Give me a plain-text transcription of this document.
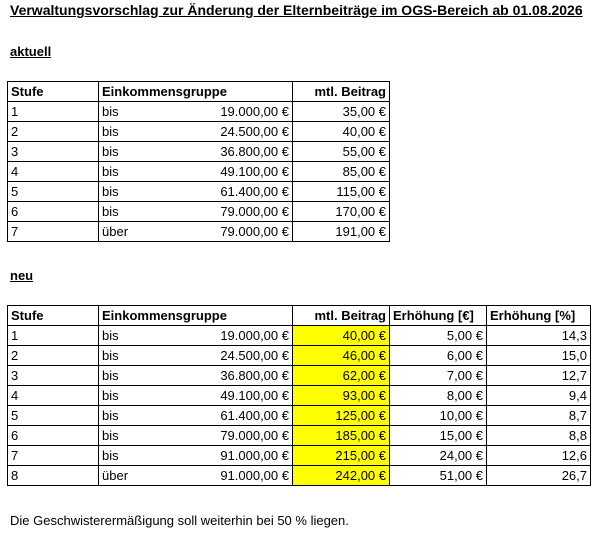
Verwaltungsvorschlag zur Änderung der Elternbeiträge im OGS-Bereich ab 01.08.2026
aktuell
Stufe	Einkommensgruppe		mtl. Beitrag
1	bis	19.000,00 €	35,00 €
2	bis	24.500,00 €	40,00 €
3	bis	36.800,00 €	55,00 €
4	bis	49.100,00 €	85,00 €
5	bis	61.400,00 €	115,00 €
6	bis	79.000,00 €	170,00 €
7	über	79.000,00 €	191,00 €
neu
Stufe	Einkommensgruppe		mtl. Beitrag	Erhöhung [€]	Erhöhung [%]
1	bis	19.000,00 €	40,00 €	5,00 €	14,3
2	bis	24.500,00 €	46,00 €	6,00 €	15,0
3	bis	36.800,00 €	62,00 €	7,00 €	12,7
4	bis	49.100,00 €	93,00 €	8,00 €	9,4
5	bis	61.400,00 €	125,00 €	10,00 €	8,7
6	bis	79.000,00 €	185,00 €	15,00 €	8,8
7	bis	91.000,00 €	215,00 €	24,00 €	12,6
8	über	91.000,00 €	242,00 €	51,00 €	26,7
Die Geschwisterermäßigung soll weiterhin bei 50 % liegen.
